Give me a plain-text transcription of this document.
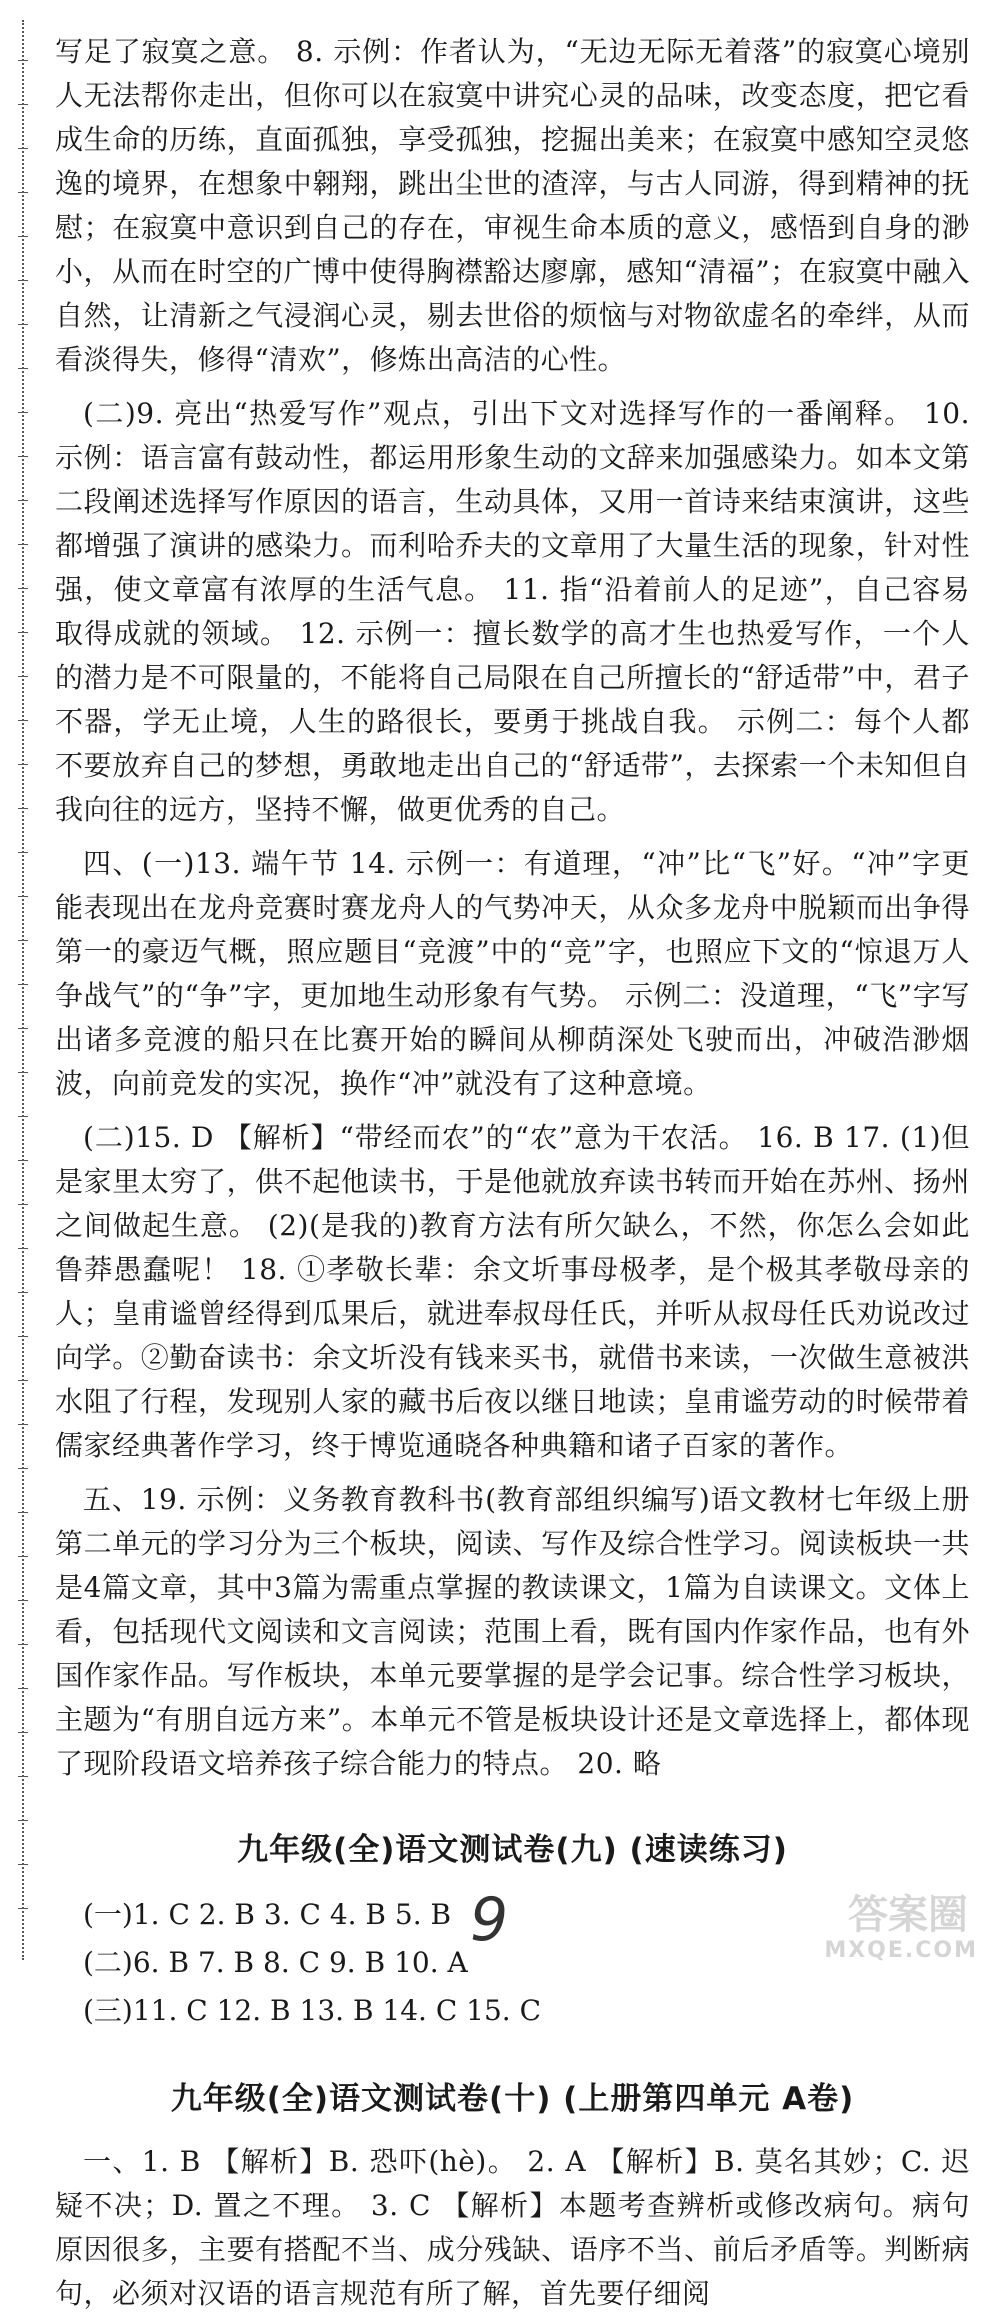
写足了寂寞之意。 8. 示例：作者认为，“无边无际无着落”的寂寞心境别人无法帮你走出，但你可以在寂寞中讲究心灵的品味，改变态度，把它看成生命的历练，直面孤独，享受孤独，挖掘出美来；在寂寞中感知空灵悠逸的境界，在想象中翱翔，跳出尘世的渣滓，与古人同游，得到精神的抚慰；在寂寞中意识到自己的存在，审视生命本质的意义，感悟到自身的渺小，从而在时空的广博中使得胸襟豁达廖廓，感知“清福”；在寂寞中融入自然，让清新之气浸润心灵，剔去世俗的烦恼与对物欲虚名的牵绊，从而看淡得失，修得“清欢”，修炼出高洁的心性。

(二)9. 亮出“热爱写作”观点，引出下文对选择写作的一番阐释。 10. 示例：语言富有鼓动性，都运用形象生动的文辞来加强感染力。如本文第二段阐述选择写作原因的语言，生动具体，又用一首诗来结束演讲，这些都增强了演讲的感染力。而利哈乔夫的文章用了大量生活的现象，针对性强，使文章富有浓厚的生活气息。 11. 指“沿着前人的足迹”，自己容易取得成就的领域。 12. 示例一：擅长数学的高才生也热爱写作，一个人的潜力是不可限量的，不能将自己局限在自己所擅长的“舒适带”中，君子不器，学无止境，人生的路很长，要勇于挑战自我。 示例二：每个人都不要放弃自己的梦想，勇敢地走出自己的“舒适带”，去探索一个未知但自我向往的远方，坚持不懈，做更优秀的自己。

四、(一)13. 端午节 14. 示例一：有道理，“冲”比“飞”好。“冲”字更能表现出在龙舟竞赛时赛龙舟人的气势冲天，从众多龙舟中脱颖而出争得第一的豪迈气概，照应题目“竞渡”中的“竞”字，也照应下文的“惊退万人争战气”的“争”字，更加地生动形象有气势。 示例二：没道理，“飞”字写出诸多竞渡的船只在比赛开始的瞬间从柳荫深处飞驶而出，冲破浩渺烟波，向前竞发的实况，换作“冲”就没有了这种意境。

(二)15. D 【解析】“带经而农”的“农”意为干农活。 16. B 17. (1)但是家里太穷了，供不起他读书，于是他就放弃读书转而开始在苏州、扬州之间做起生意。 (2)(是我的)教育方法有所欠缺么，不然，你怎么会如此鲁莽愚蠢呢！ 18. ①孝敬长辈：余文圻事母极孝，是个极其孝敬母亲的人；皇甫谧曾经得到瓜果后，就进奉叔母任氏，并听从叔母任氏劝说改过向学。②勤奋读书：余文圻没有钱来买书，就借书来读，一次做生意被洪水阻了行程，发现别人家的藏书后夜以继日地读；皇甫谧劳动的时候带着儒家经典著作学习，终于博览通晓各种典籍和诸子百家的著作。

五、19. 示例：义务教育教科书(教育部组织编写)语文教材七年级上册第二单元的学习分为三个板块，阅读、写作及综合性学习。阅读板块一共是4篇文章，其中3篇为需重点掌握的教读课文，1篇为自读课文。文体上看，包括现代文阅读和文言阅读；范围上看，既有国内作家作品，也有外国作家作品。写作板块，本单元要掌握的是学会记事。综合性学习板块，主题为“有朋自远方来”。本单元不管是板块设计还是文章选择上，都体现了现阶段语文培养孩子综合能力的特点。 20. 略

九年级(全)语文测试卷(九) (速读练习)
(一)1. C 2. B 3. C 4. B 5. B
(二)6. B 7. B 8. C 9. B 10. A
(三)11. C 12. B 13. B 14. C 15. C
九年级(全)语文测试卷(十) (上册第四单元 A卷)

一、1. B 【解析】B. 恐吓(hè)。 2. A 【解析】B. 莫名其妙；C. 迟疑不决；D. 置之不理。 3. C 【解析】本题考查辨析或修改病句。病句原因很多，主要有搭配不当、成分残缺、语序不当、前后矛盾等。判断病句，必须对汉语的语言规范有所了解，首先要仔细阅

9	答案圈
MXQE.COM
